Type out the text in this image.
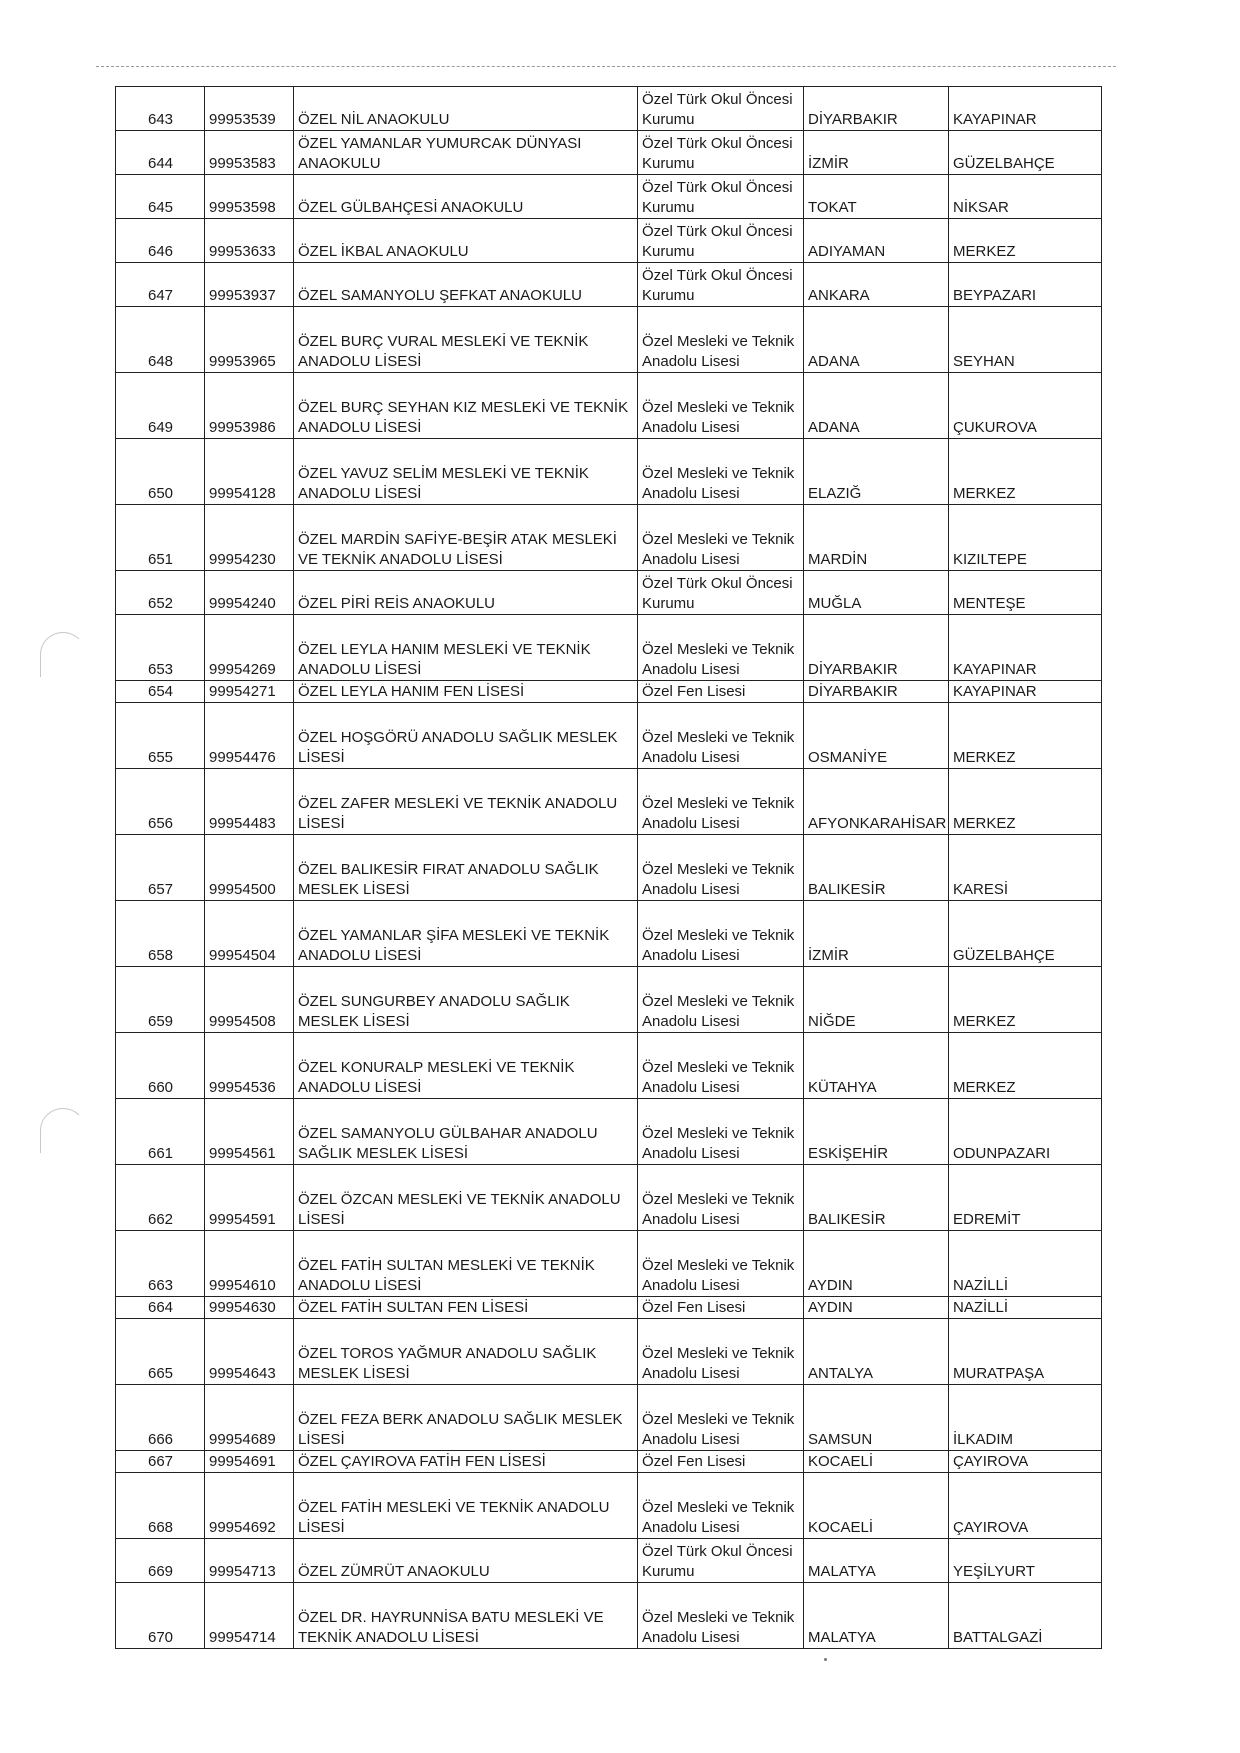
643	99953539	ÖZEL NİL ANAOKULU	Özel Türk Okul Öncesi Kurumu	DİYARBAKIR	KAYAPINAR
644	99953583	ÖZEL YAMANLAR YUMURCAK DÜNYASI ANAOKULU	Özel Türk Okul Öncesi Kurumu	İZMİR	GÜZELBAHÇE
645	99953598	ÖZEL GÜLBAHÇESİ ANAOKULU	Özel Türk Okul Öncesi Kurumu	TOKAT	NİKSAR
646	99953633	ÖZEL İKBAL ANAOKULU	Özel Türk Okul Öncesi Kurumu	ADIYAMAN	MERKEZ
647	99953937	ÖZEL SAMANYOLU ŞEFKAT ANAOKULU	Özel Türk Okul Öncesi Kurumu	ANKARA	BEYPAZARI
648	99953965	ÖZEL BURÇ VURAL MESLEKİ VE TEKNİK ANADOLU LİSESİ	Özel Mesleki ve Teknik Anadolu Lisesi	ADANA	SEYHAN
649	99953986	ÖZEL BURÇ SEYHAN KIZ MESLEKİ VE TEKNİK ANADOLU LİSESİ	Özel Mesleki ve Teknik Anadolu Lisesi	ADANA	ÇUKUROVA
650	99954128	ÖZEL YAVUZ SELİM MESLEKİ VE TEKNİK ANADOLU LİSESİ	Özel Mesleki ve Teknik Anadolu Lisesi	ELAZIĞ	MERKEZ
651	99954230	ÖZEL MARDİN SAFİYE-BEŞİR ATAK MESLEKİ VE TEKNİK ANADOLU LİSESİ	Özel Mesleki ve Teknik Anadolu Lisesi	MARDİN	KIZILTEPE
652	99954240	ÖZEL PİRİ REİS ANAOKULU	Özel Türk Okul Öncesi Kurumu	MUĞLA	MENTEŞE
653	99954269	ÖZEL LEYLA HANIM MESLEKİ VE TEKNİK ANADOLU LİSESİ	Özel Mesleki ve Teknik Anadolu Lisesi	DİYARBAKIR	KAYAPINAR
654	99954271	ÖZEL LEYLA HANIM FEN LİSESİ	Özel Fen Lisesi	DİYARBAKIR	KAYAPINAR
655	99954476	ÖZEL HOŞGÖRÜ ANADOLU SAĞLIK MESLEK LİSESİ	Özel Mesleki ve Teknik Anadolu Lisesi	OSMANİYE	MERKEZ
656	99954483	ÖZEL ZAFER MESLEKİ VE TEKNİK ANADOLU LİSESİ	Özel Mesleki ve Teknik Anadolu Lisesi	AFYONKARAHİSAR	MERKEZ
657	99954500	ÖZEL BALIKESİR FIRAT ANADOLU SAĞLIK MESLEK LİSESİ	Özel Mesleki ve Teknik Anadolu Lisesi	BALIKESİR	KARESİ
658	99954504	ÖZEL YAMANLAR ŞİFA MESLEKİ VE TEKNİK ANADOLU LİSESİ	Özel Mesleki ve Teknik Anadolu Lisesi	İZMİR	GÜZELBAHÇE
659	99954508	ÖZEL SUNGURBEY ANADOLU SAĞLIK MESLEK LİSESİ	Özel Mesleki ve Teknik Anadolu Lisesi	NİĞDE	MERKEZ
660	99954536	ÖZEL KONURALP MESLEKİ VE TEKNİK ANADOLU LİSESİ	Özel Mesleki ve Teknik Anadolu Lisesi	KÜTAHYA	MERKEZ
661	99954561	ÖZEL SAMANYOLU GÜLBAHAR ANADOLU SAĞLIK MESLEK LİSESİ	Özel Mesleki ve Teknik Anadolu Lisesi	ESKİŞEHİR	ODUNPAZARI
662	99954591	ÖZEL ÖZCAN MESLEKİ VE TEKNİK ANADOLU LİSESİ	Özel Mesleki ve Teknik Anadolu Lisesi	BALIKESİR	EDREMİT
663	99954610	ÖZEL FATİH SULTAN MESLEKİ VE TEKNİK ANADOLU LİSESİ	Özel Mesleki ve Teknik Anadolu Lisesi	AYDIN	NAZİLLİ
664	99954630	ÖZEL FATİH SULTAN FEN LİSESİ	Özel Fen Lisesi	AYDIN	NAZİLLİ
665	99954643	ÖZEL TOROS YAĞMUR ANADOLU SAĞLIK MESLEK LİSESİ	Özel Mesleki ve Teknik Anadolu Lisesi	ANTALYA	MURATPAŞA
666	99954689	ÖZEL FEZA BERK ANADOLU SAĞLIK MESLEK LİSESİ	Özel Mesleki ve Teknik Anadolu Lisesi	SAMSUN	İLKADIM
667	99954691	ÖZEL ÇAYIROVA FATİH FEN LİSESİ	Özel Fen Lisesi	KOCAELİ	ÇAYIROVA
668	99954692	ÖZEL FATİH MESLEKİ VE TEKNİK ANADOLU LİSESİ	Özel Mesleki ve Teknik Anadolu Lisesi	KOCAELİ	ÇAYIROVA
669	99954713	ÖZEL ZÜMRÜT ANAOKULU	Özel Türk Okul Öncesi Kurumu	MALATYA	YEŞİLYURT
670	99954714	ÖZEL DR. HAYRUNNİSA BATU MESLEKİ VE TEKNİK ANADOLU LİSESİ	Özel Mesleki ve Teknik Anadolu Lisesi	MALATYA	BATTALGAZİ
